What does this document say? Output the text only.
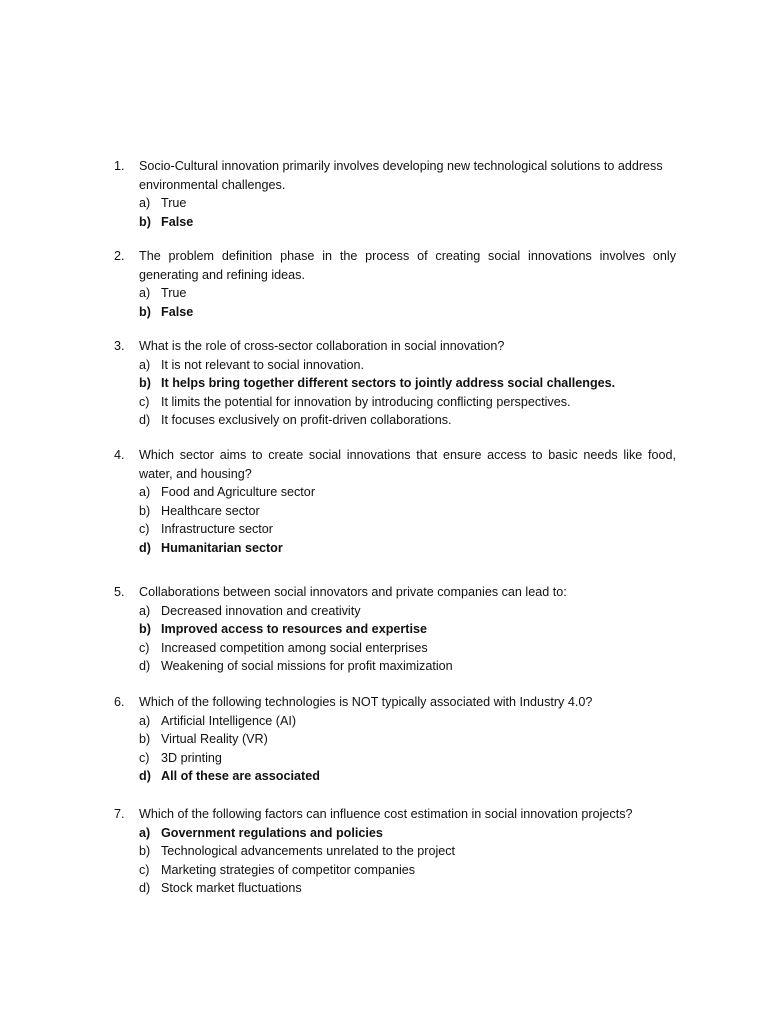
1.	Socio-Cultural innovation primarily involves developing new technological solutions to address environmental challenges.
a) True
b) False
2.	The problem definition phase in the process of creating social innovations involves only generating and refining ideas.
a) True
b) False
3.	What is the role of cross-sector collaboration in social innovation?
a) It is not relevant to social innovation.
b) It helps bring together different sectors to jointly address social challenges.
c) It limits the potential for innovation by introducing conflicting perspectives.
d) It focuses exclusively on profit-driven collaborations.
4.	Which sector aims to create social innovations that ensure access to basic needs like food, water, and housing?
a) Food and Agriculture sector
b) Healthcare sector
c) Infrastructure sector
d) Humanitarian sector
5.	Collaborations between social innovators and private companies can lead to:
a) Decreased innovation and creativity
b) Improved access to resources and expertise
c) Increased competition among social enterprises
d) Weakening of social missions for profit maximization
6.	Which of the following technologies is NOT typically associated with Industry 4.0?
a) Artificial Intelligence (AI)
b) Virtual Reality (VR)
c) 3D printing
d) All of these are associated
7.	Which of the following factors can influence cost estimation in social innovation projects?
a) Government regulations and policies
b) Technological advancements unrelated to the project
c) Marketing strategies of competitor companies
d) Stock market fluctuations
